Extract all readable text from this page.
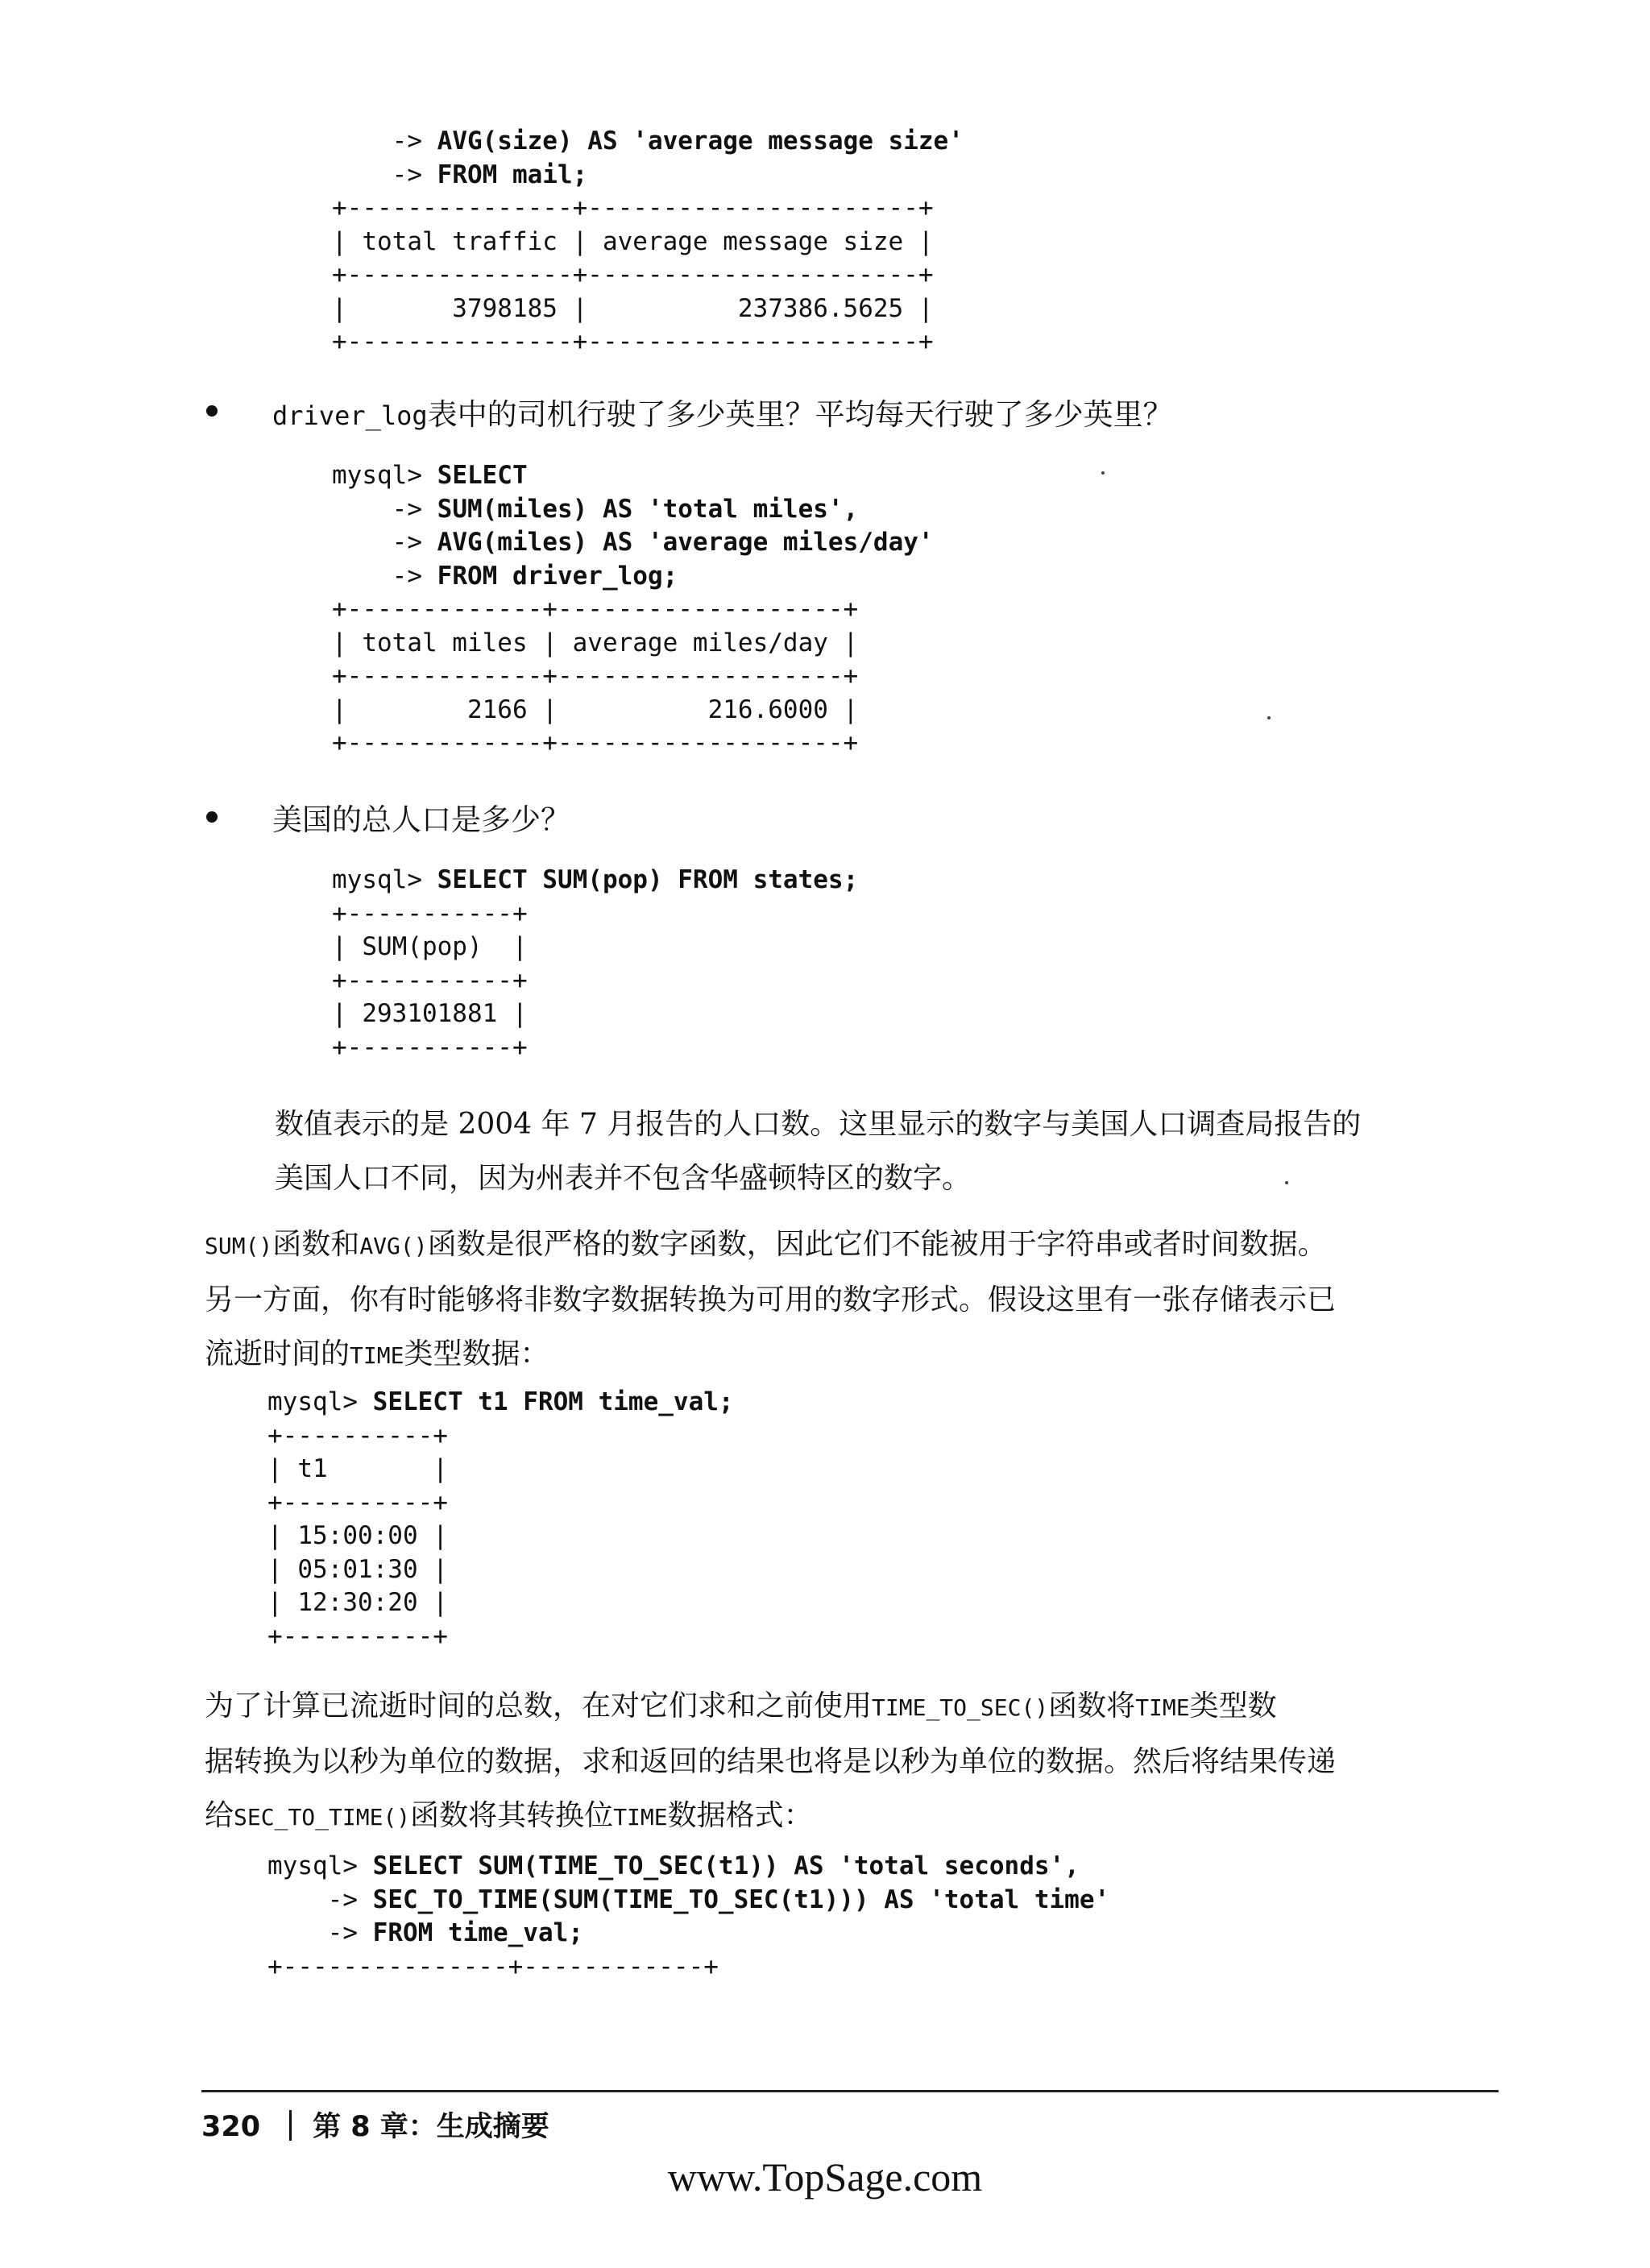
-> AVG(size) AS 'average message size'
-> FROM mail;
+---------------+----------------------+
| total traffic | average message size |
+---------------+----------------------+
|       3798185 |          237386.5625 |
+---------------+----------------------+
driver_log表中的司机行驶了多少英里？平均每天行驶了多少英里？
mysql> SELECT
-> SUM(miles) AS 'total miles',
-> AVG(miles) AS 'average miles/day'
-> FROM driver_log;
+-------------+-------------------+
| total miles | average miles/day |
+-------------+-------------------+
|        2166 |          216.6000 |
+-------------+-------------------+
美国的总人口是多少？
mysql> SELECT SUM(pop) FROM states;
+-----------+
| SUM(pop)  |
+-----------+
| 293101881 |
+-----------+
数值表示的是 2004 年 7 月报告的人口数。这里显示的数字与美国人口调查局报告的
美国人口不同，因为州表并不包含华盛顿特区的数字。
SUM()函数和AVG()函数是很严格的数字函数，因此它们不能被用于字符串或者时间数据。
另一方面，你有时能够将非数字数据转换为可用的数字形式。假设这里有一张存储表示已
流逝时间的TIME类型数据：
mysql> SELECT t1 FROM time_val;
+----------+
| t1       |
+----------+
| 15:00:00 |
| 05:01:30 |
| 12:30:20 |
+----------+
为了计算已流逝时间的总数，在对它们求和之前使用TIME_TO_SEC()函数将TIME类型数
据转换为以秒为单位的数据，求和返回的结果也将是以秒为单位的数据。然后将结果传递
给SEC_TO_TIME()函数将其转换位TIME数据格式：
mysql> SELECT SUM(TIME_TO_SEC(t1)) AS 'total seconds',
-> SEC_TO_TIME(SUM(TIME_TO_SEC(t1))) AS 'total time'
-> FROM time_val;
+---------------+------------+
320 第 8 章：生成摘要
www.TopSage.com
